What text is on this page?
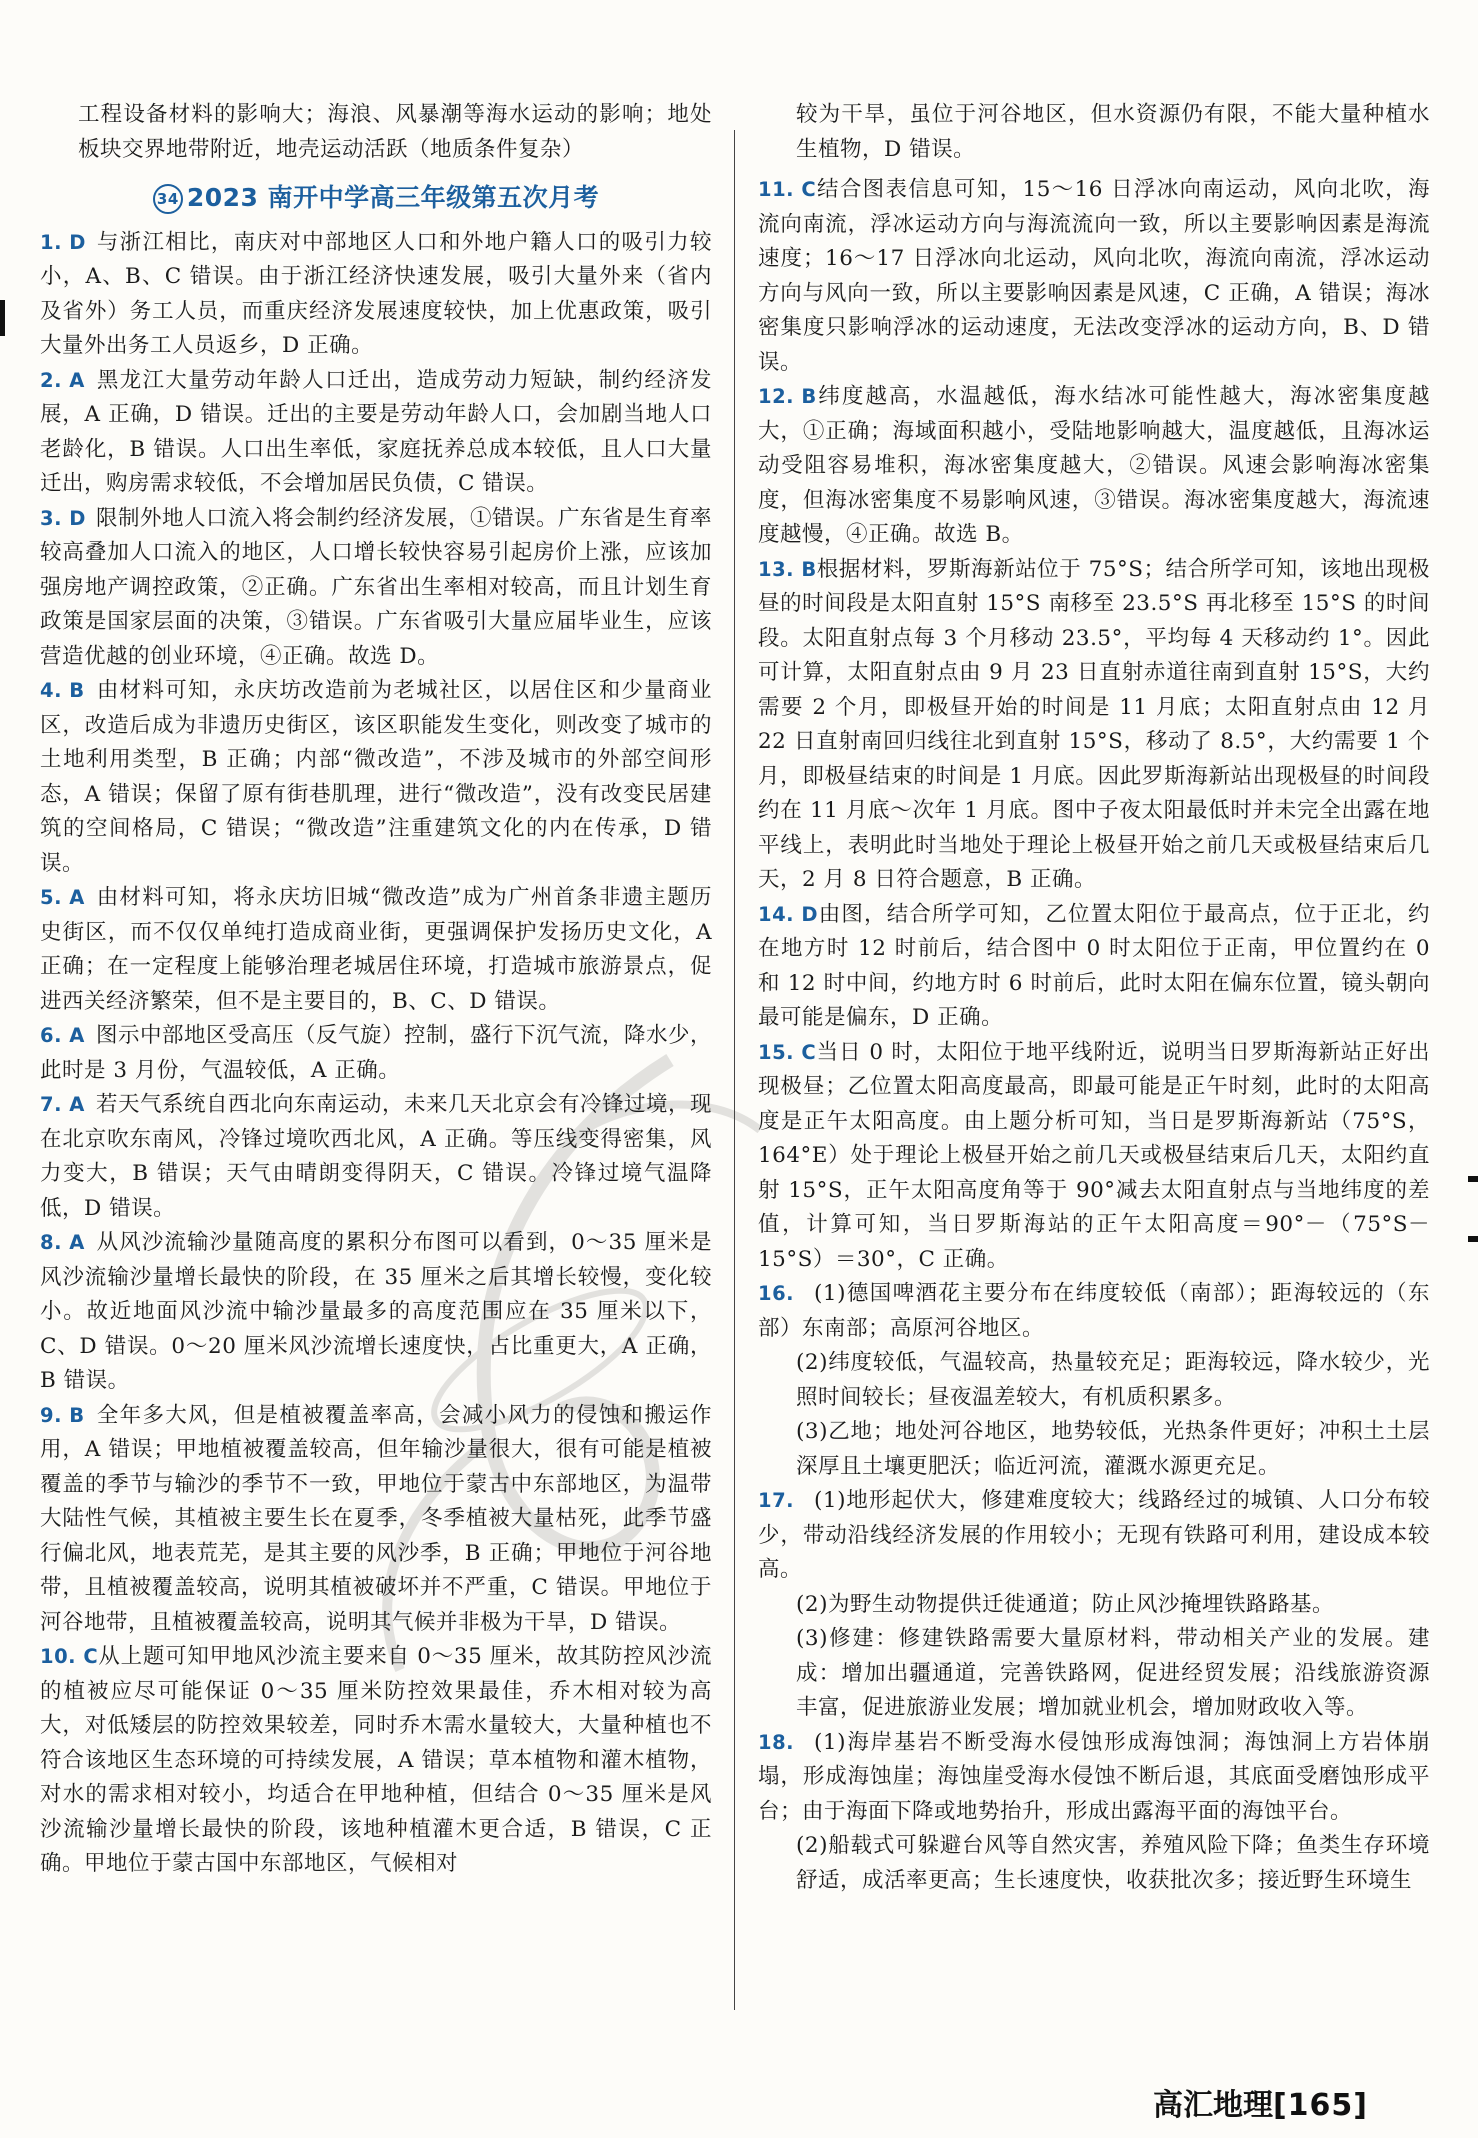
工程设备材料的影响大；海浪、风暴潮等海水运动的影响；地处板块交界地带附近，地壳运动活跃（地质条件复杂）

34 2023 南开中学高三年级第五次月考

1. D 与浙江相比，南庆对中部地区人口和外地户籍人口的吸引力较小，A、B、C 错误。由于浙江经济快速发展，吸引大量外来（省内及省外）务工人员，而重庆经济发展速度较快，加上优惠政策，吸引大量外出务工人员返乡，D 正确。

2. A 黑龙江大量劳动年龄人口迁出，造成劳动力短缺，制约经济发展，A 正确，D 错误。迁出的主要是劳动年龄人口，会加剧当地人口老龄化，B 错误。人口出生率低，家庭抚养总成本较低，且人口大量迁出，购房需求较低，不会增加居民负债，C 错误。

3. D 限制外地人口流入将会制约经济发展，①错误。广东省是生育率较高叠加人口流入的地区，人口增长较快容易引起房价上涨，应该加强房地产调控政策，②正确。广东省出生率相对较高，而且计划生育政策是国家层面的决策，③错误。广东省吸引大量应届毕业生，应该营造优越的创业环境，④正确。故选 D。

4. B 由材料可知，永庆坊改造前为老城社区，以居住区和少量商业区，改造后成为非遗历史街区，该区职能发生变化，则改变了城市的土地利用类型，B 正确；内部“微改造”，不涉及城市的外部空间形态，A 错误；保留了原有街巷肌理，进行“微改造”，没有改变民居建筑的空间格局，C 错误；“微改造”注重建筑文化的内在传承，D 错误。

5. A 由材料可知，将永庆坊旧城“微改造”成为广州首条非遗主题历史街区，而不仅仅单纯打造成商业街，更强调保护发扬历史文化，A 正确；在一定程度上能够治理老城居住环境，打造城市旅游景点，促进西关经济繁荣，但不是主要目的，B、C、D 错误。

6. A 图示中部地区受高压（反气旋）控制，盛行下沉气流，降水少，此时是 3 月份，气温较低，A 正确。

7. A 若天气系统自西北向东南运动，未来几天北京会有冷锋过境，现在北京吹东南风，冷锋过境吹西北风，A 正确。等压线变得密集，风力变大，B 错误；天气由晴朗变得阴天，C 错误。冷锋过境气温降低，D 错误。

8. A 从风沙流输沙量随高度的累积分布图可以看到，0～35 厘米是风沙流输沙量增长最快的阶段，在 35 厘米之后其增长较慢，变化较小。故近地面风沙流中输沙量最多的高度范围应在 35 厘米以下，C、D 错误。0～20 厘米风沙流增长速度快，占比重更大，A 正确，B 错误。

9. B 全年多大风，但是植被覆盖率高，会减小风力的侵蚀和搬运作用，A 错误；甲地植被覆盖较高，但年输沙量很大，很有可能是植被覆盖的季节与输沙的季节不一致，甲地位于蒙古中东部地区，为温带大陆性气候，其植被主要生长在夏季，冬季植被大量枯死，此季节盛行偏北风，地表荒芜，是其主要的风沙季，B 正确；甲地位于河谷地带，且植被覆盖较高，说明其植被破坏并不严重，C 错误。甲地位于河谷地带，且植被覆盖较高，说明其气候并非极为干旱，D 错误。

10. C从上题可知甲地风沙流主要来自 0～35 厘米，故其防控风沙流的植被应尽可能保证 0～35 厘米防控效果最佳，乔木相对较为高大，对低矮层的防控效果较差，同时乔木需水量较大，大量种植也不符合该地区生态环境的可持续发展，A 错误；草本植物和灌木植物，对水的需求相对较小，均适合在甲地种植，但结合 0～35 厘米是风沙流输沙量增长最快的阶段，该地种植灌木更合适，B 错误，C 正确。甲地位于蒙古国中东部地区，气候相对

较为干旱，虽位于河谷地区，但水资源仍有限，不能大量种植水生植物，D 错误。

11. C结合图表信息可知，15～16 日浮冰向南运动，风向北吹，海流向南流，浮冰运动方向与海流流向一致，所以主要影响因素是海流速度；16～17 日浮冰向北运动，风向北吹，海流向南流，浮冰运动方向与风向一致，所以主要影响因素是风速，C 正确，A 错误；海冰密集度只影响浮冰的运动速度，无法改变浮冰的运动方向，B、D 错误。

12. B纬度越高，水温越低，海水结冰可能性越大，海冰密集度越大，①正确；海域面积越小，受陆地影响越大，温度越低，且海冰运动受阻容易堆积，海冰密集度越大，②错误。风速会影响海冰密集度，但海冰密集度不易影响风速，③错误。海冰密集度越大，海流速度越慢，④正确。故选 B。

13. B根据材料，罗斯海新站位于 75°S；结合所学可知，该地出现极昼的时间段是太阳直射 15°S 南移至 23.5°S 再北移至 15°S 的时间段。太阳直射点每 3 个月移动 23.5°，平均每 4 天移动约 1°。因此可计算，太阳直射点由 9 月 23 日直射赤道往南到直射 15°S，大约需要 2 个月，即极昼开始的时间是 11 月底；太阳直射点由 12 月 22 日直射南回归线往北到直射 15°S，移动了 8.5°，大约需要 1 个月，即极昼结束的时间是 1 月底。因此罗斯海新站出现极昼的时间段约在 11 月底～次年 1 月底。图中子夜太阳最低时并未完全出露在地平线上，表明此时当地处于理论上极昼开始之前几天或极昼结束后几天，2 月 8 日符合题意，B 正确。

14. D由图，结合所学可知，乙位置太阳位于最高点，位于正北，约在地方时 12 时前后，结合图中 0 时太阳位于正南，甲位置约在 0 和 12 时中间，约地方时 6 时前后，此时太阳在偏东位置，镜头朝向最可能是偏东，D 正确。

15. C当日 0 时，太阳位于地平线附近，说明当日罗斯海新站正好出现极昼；乙位置太阳高度最高，即最可能是正午时刻，此时的太阳高度是正午太阳高度。由上题分析可知，当日是罗斯海新站（75°S，164°E）处于理论上极昼开始之前几天或极昼结束后几天，太阳约直射 15°S，正午太阳高度角等于 90°减去太阳直射点与当地纬度的差值，计算可知，当日罗斯海站的正午太阳高度＝90°－（75°S－15°S）＝30°，C 正确。

16. (1)德国啤酒花主要分布在纬度较低（南部）；距海较远的（东部）东南部；高原河谷地区。

(2)纬度较低，气温较高，热量较充足；距海较远，降水较少，光照时间较长；昼夜温差较大，有机质积累多。

(3)乙地；地处河谷地区，地势较低，光热条件更好；冲积土土层深厚且土壤更肥沃；临近河流，灌溉水源更充足。

17. (1)地形起伏大，修建难度较大；线路经过的城镇、人口分布较少，带动沿线经济发展的作用较小；无现有铁路可利用，建设成本较高。

(2)为野生动物提供迁徙通道；防止风沙掩埋铁路路基。

(3)修建：修建铁路需要大量原材料，带动相关产业的发展。建成：增加出疆通道，完善铁路网，促进经贸发展；沿线旅游资源丰富，促进旅游业发展；增加就业机会，增加财政收入等。

18. (1)海岸基岩不断受海水侵蚀形成海蚀洞；海蚀洞上方岩体崩塌，形成海蚀崖；海蚀崖受海水侵蚀不断后退，其底面受磨蚀形成平台；由于海面下降或地势抬升，形成出露海平面的海蚀平台。

(2)船载式可躲避台风等自然灾害，养殖风险下降；鱼类生存环境舒适，成活率更高；生长速度快，收获批次多；接近野生环境生

高汇地理[165]
